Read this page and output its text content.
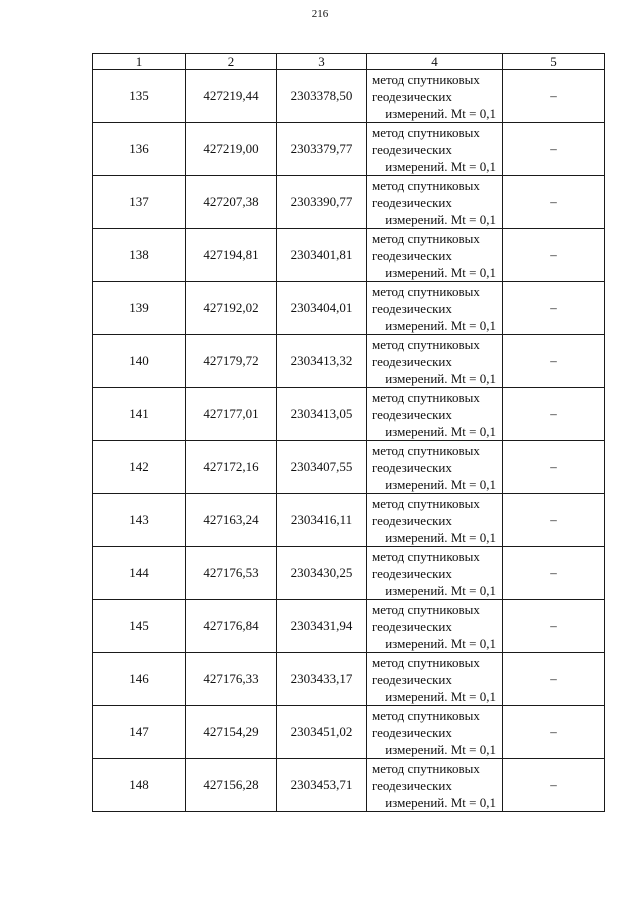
216
1	2	3	4	5
135	427219,44	2303378,50	метод спутниковых
геодезических
измерений. Mt = 0,1	–
136	427219,00	2303379,77	метод спутниковых
геодезических
измерений. Mt = 0,1	–
137	427207,38	2303390,77	метод спутниковых
геодезических
измерений. Mt = 0,1	–
138	427194,81	2303401,81	метод спутниковых
геодезических
измерений. Mt = 0,1	–
139	427192,02	2303404,01	метод спутниковых
геодезических
измерений. Mt = 0,1	–
140	427179,72	2303413,32	метод спутниковых
геодезических
измерений. Mt = 0,1	–
141	427177,01	2303413,05	метод спутниковых
геодезических
измерений. Mt = 0,1	–
142	427172,16	2303407,55	метод спутниковых
геодезических
измерений. Mt = 0,1	–
143	427163,24	2303416,11	метод спутниковых
геодезических
измерений. Mt = 0,1	–
144	427176,53	2303430,25	метод спутниковых
геодезических
измерений. Mt = 0,1	–
145	427176,84	2303431,94	метод спутниковых
геодезических
измерений. Mt = 0,1	–
146	427176,33	2303433,17	метод спутниковых
геодезических
измерений. Mt = 0,1	–
147	427154,29	2303451,02	метод спутниковых
геодезических
измерений. Mt = 0,1	–
148	427156,28	2303453,71	метод спутниковых
геодезических
измерений. Mt = 0,1	–
